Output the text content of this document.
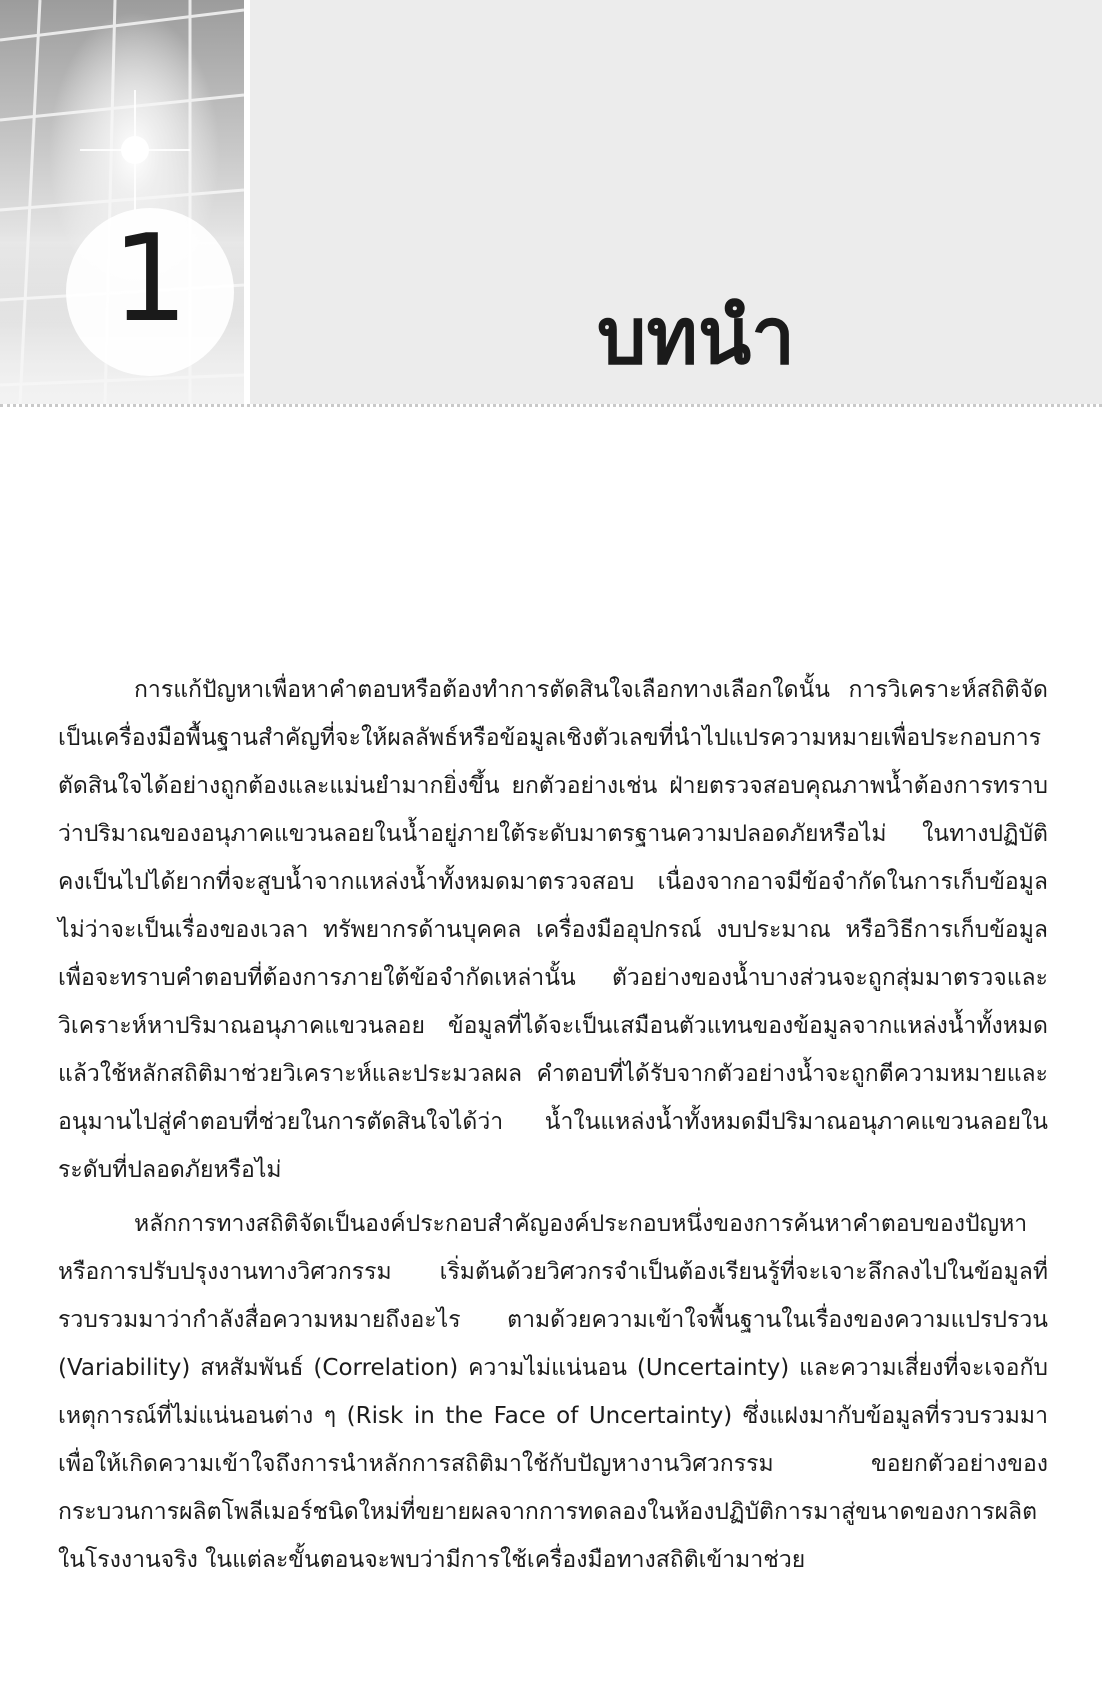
1	บทนำ

การแก้ปัญหาเพื่อหาคำตอบหรือต้องทำการตัดสินใจเลือกทางเลือกใดนั้น การวิเคราะห์สถิติจัดเป็นเครื่องมือพื้นฐานสำคัญที่จะให้ผลลัพธ์หรือข้อมูลเชิงตัวเลขที่นำไปแปรความหมายเพื่อประกอบการตัดสินใจได้อย่างถูกต้องและแม่นยำมากยิ่งขึ้น ยกตัวอย่างเช่น ฝ่ายตรวจสอบคุณภาพน้ำต้องการทราบว่าปริมาณของอนุภาคแขวนลอยในน้ำอยู่ภายใต้ระดับมาตรฐานความปลอดภัยหรือไม่ ในทางปฏิบัติ คงเป็นไปได้ยากที่จะสูบน้ำจากแหล่งน้ำทั้งหมดมาตรวจสอบ เนื่องจากอาจมีข้อจำกัดในการเก็บข้อมูล ไม่ว่าจะเป็นเรื่องของเวลา ทรัพยากรด้านบุคคล เครื่องมืออุปกรณ์ งบประมาณ หรือวิธีการเก็บข้อมูล เพื่อจะทราบคำตอบที่ต้องการภายใต้ข้อจำกัดเหล่านั้น ตัวอย่างของน้ำบางส่วนจะถูกสุ่มมาตรวจและวิเคราะห์หาปริมาณอนุภาคแขวนลอย ข้อมูลที่ได้จะเป็นเสมือนตัวแทนของข้อมูลจากแหล่งน้ำทั้งหมด แล้วใช้หลักสถิติมาช่วยวิเคราะห์และประมวลผล คำตอบที่ได้รับจากตัวอย่างน้ำจะถูกตีความหมายและอนุมานไปสู่คำตอบที่ช่วยในการตัดสินใจได้ว่า น้ำในแหล่งน้ำทั้งหมดมีปริมาณอนุภาคแขวนลอยในระดับที่ปลอดภัยหรือไม่

หลักการทางสถิติจัดเป็นองค์ประกอบสำคัญองค์ประกอบหนึ่งของการค้นหาคำตอบของปัญหาหรือการปรับปรุงงานทางวิศวกรรม เริ่มต้นด้วยวิศวกรจำเป็นต้องเรียนรู้ที่จะเจาะลึกลงไปในข้อมูลที่รวบรวมมาว่ากำลังสื่อความหมายถึงอะไร ตามด้วยความเข้าใจพื้นฐานในเรื่องของความแปรปรวน (Variability) สหสัมพันธ์ (Correlation) ความไม่แน่นอน (Uncertainty) และความเสี่ยงที่จะเจอกับเหตุการณ์ที่ไม่แน่นอนต่าง ๆ (Risk in the Face of Uncertainty) ซึ่งแฝงมากับข้อมูลที่รวบรวมมา เพื่อให้เกิดความเข้าใจถึงการนำหลักการสถิติมาใช้กับปัญหางานวิศวกรรม ขอยกตัวอย่างของกระบวนการผลิตโพลีเมอร์ชนิดใหม่ที่ขยายผลจากการทดลองในห้องปฏิบัติการมาสู่ขนาดของการผลิตในโรงงานจริง ในแต่ละขั้นตอนจะพบว่ามีการใช้เครื่องมือทางสถิติเข้ามาช่วย
